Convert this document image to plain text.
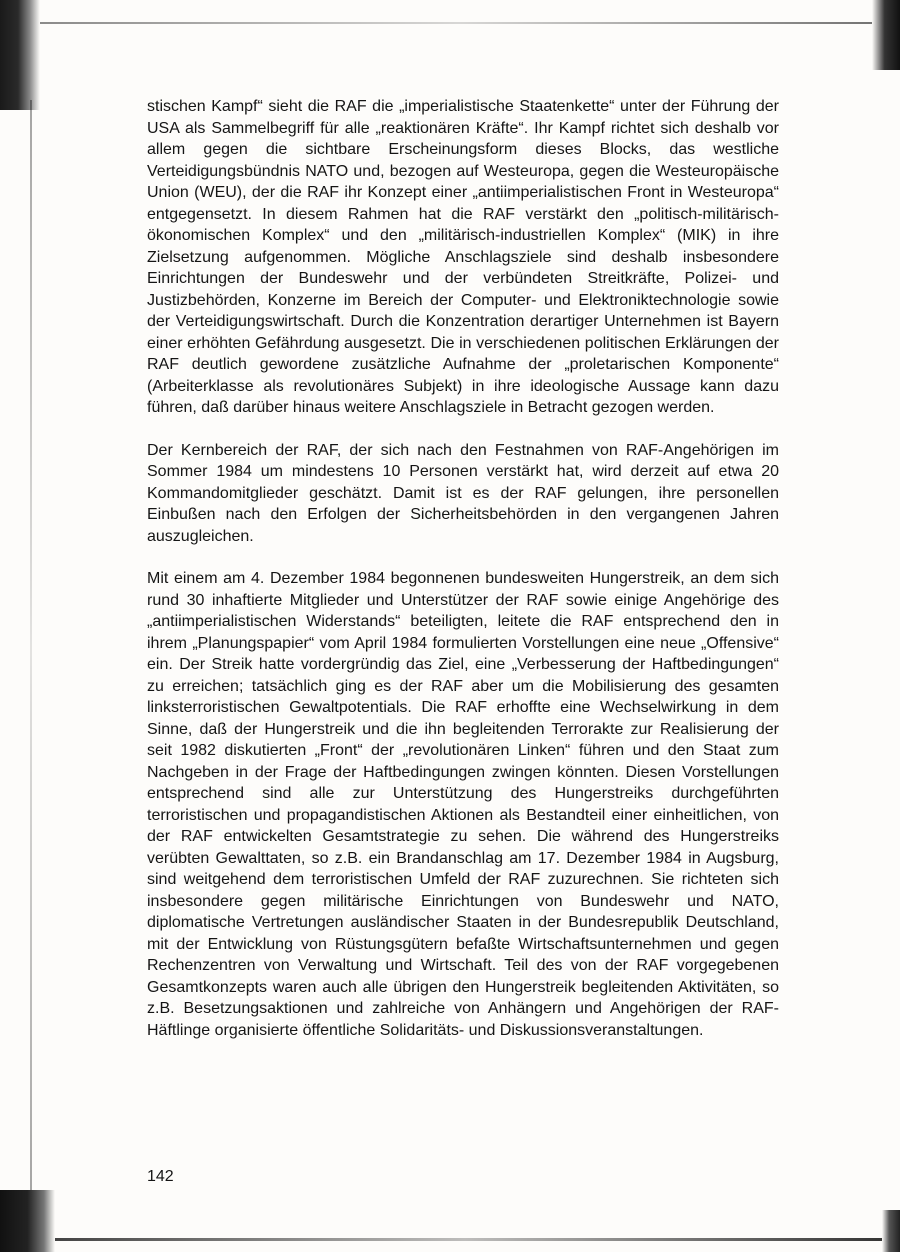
stischen Kampf“ sieht die RAF die „imperialistische Staatenkette“ unter der Führung der USA als Sammelbegriff für alle „reaktionären Kräfte“. Ihr Kampf richtet sich deshalb vor allem gegen die sichtbare Erscheinungsform dieses Blocks, das westliche Verteidigungsbündnis NATO und, bezogen auf Westeuropa, gegen die Westeuropäische Union (WEU), der die RAF ihr Konzept einer „antiimperialistischen Front in Westeuropa“ entgegensetzt. In diesem Rahmen hat die RAF verstärkt den „politisch-militärisch-ökonomischen Komplex“ und den „militärisch-industriellen Komplex“ (MIK) in ihre Zielsetzung aufgenommen. Mögliche Anschlagsziele sind deshalb insbesondere Einrichtungen der Bundeswehr und der verbündeten Streitkräfte, Polizei- und Justizbehörden, Konzerne im Bereich der Computer- und Elektroniktechnologie sowie der Verteidigungswirtschaft. Durch die Konzentration derartiger Unternehmen ist Bayern einer erhöhten Gefährdung ausgesetzt. Die in verschiedenen politischen Erklärungen der RAF deutlich gewordene zusätzliche Aufnahme der „proletarischen Komponente“ (Arbeiterklasse als revolutionäres Subjekt) in ihre ideologische Aussage kann dazu führen, daß darüber hinaus weitere Anschlagsziele in Betracht gezogen werden.

Der Kernbereich der RAF, der sich nach den Festnahmen von RAF-Angehörigen im Sommer 1984 um mindestens 10 Personen verstärkt hat, wird derzeit auf etwa 20 Kommandomitglieder geschätzt. Damit ist es der RAF gelungen, ihre personellen Einbußen nach den Erfolgen der Sicherheitsbehörden in den vergangenen Jahren auszugleichen.

Mit einem am 4. Dezember 1984 begonnenen bundesweiten Hungerstreik, an dem sich rund 30 inhaftierte Mitglieder und Unterstützer der RAF sowie einige Angehörige des „antiimperialistischen Widerstands“ beteiligten, leitete die RAF entsprechend den in ihrem „Planungspapier“ vom April 1984 formulierten Vorstellungen eine neue „Offensive“ ein. Der Streik hatte vordergründig das Ziel, eine „Verbesserung der Haftbedingungen“ zu erreichen; tatsächlich ging es der RAF aber um die Mobilisierung des gesamten linksterroristischen Gewaltpotentials. Die RAF erhoffte eine Wechselwirkung in dem Sinne, daß der Hungerstreik und die ihn begleitenden Terrorakte zur Realisierung der seit 1982 diskutierten „Front“ der „revolutionären Linken“ führen und den Staat zum Nachgeben in der Frage der Haftbedingungen zwingen könnten. Diesen Vorstellungen entsprechend sind alle zur Unterstützung des Hungerstreiks durchgeführten terroristischen und propagandistischen Aktionen als Bestandteil einer einheitlichen, von der RAF entwickelten Gesamtstrategie zu sehen. Die während des Hungerstreiks verübten Gewalttaten, so z.B. ein Brandanschlag am 17. Dezember 1984 in Augsburg, sind weitgehend dem terroristischen Umfeld der RAF zuzurechnen. Sie richteten sich insbesondere gegen militärische Einrichtungen von Bundeswehr und NATO, diplomatische Vertretungen ausländischer Staaten in der Bundesrepublik Deutschland, mit der Entwicklung von Rüstungsgütern befaßte Wirtschaftsunternehmen und gegen Rechenzentren von Verwaltung und Wirtschaft. Teil des von der RAF vorgegebenen Gesamtkonzepts waren auch alle übrigen den Hungerstreik begleitenden Aktivitäten, so z.B. Besetzungsaktionen und zahlreiche von Anhängern und Angehörigen der RAF-Häftlinge organisierte öffentliche Solidaritäts- und Diskussionsveranstaltungen.

142
